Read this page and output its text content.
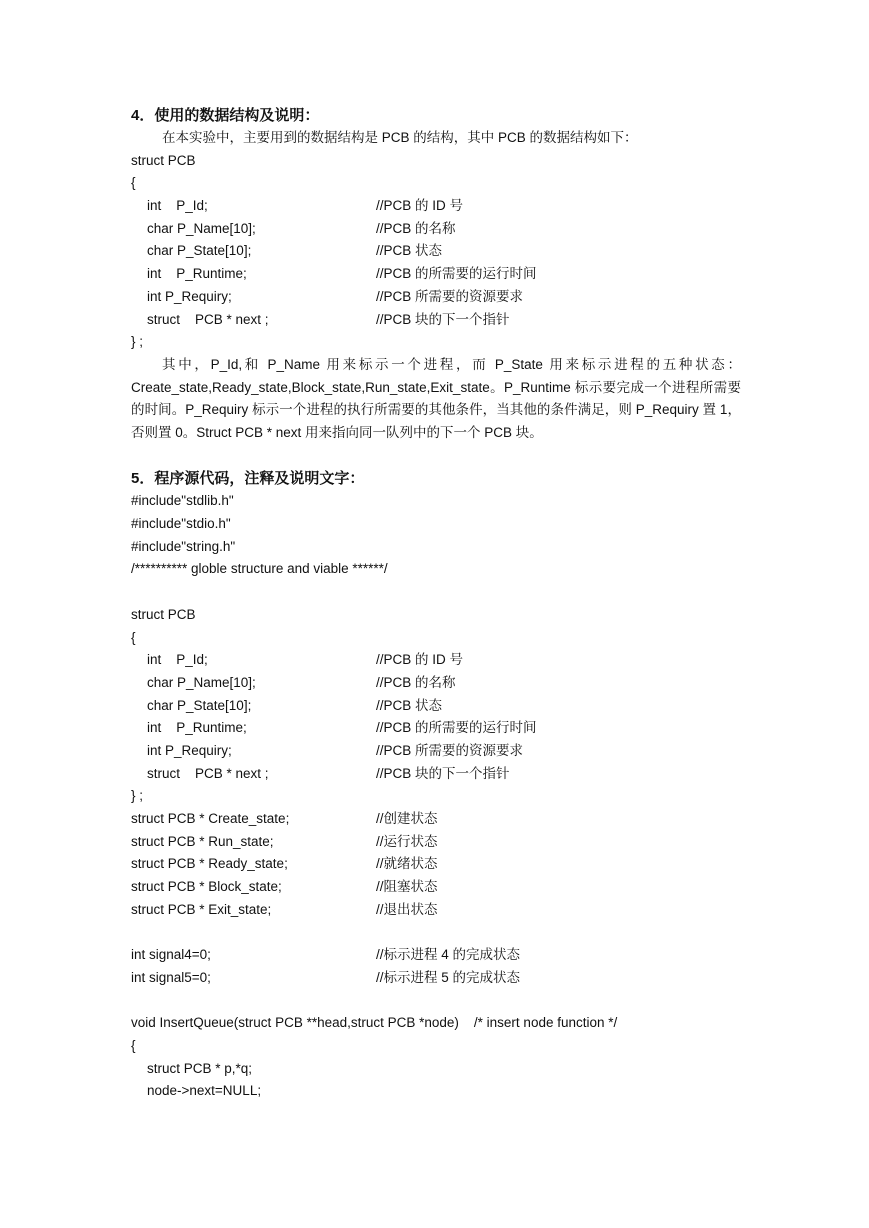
4．使用的数据结构及说明：
在本实验中，主要用到的数据结构是 PCB 的结构，其中 PCB 的数据结构如下：
struct PCB
{
int    P_Id;	//PCB 的 ID 号
char P_Name[10];	//PCB 的名称
char P_State[10];	//PCB 状态
int    P_Runtime;	//PCB 的所需要的运行时间
int P_Requiry;	//PCB 所需要的资源要求
struct    PCB * next ;	//PCB 块的下一个指针
} ;
其中，P_Id,和 P_Name 用来标示一个进程，而 P_State 用来标示进程的五种状态：Create_state,Ready_state,Block_state,Run_state,Exit_state。P_Runtime 标示要完成一个进程所需要的时间。P_Requiry 标示一个进程的执行所需要的其他条件，当其他的条件满足，则 P_Requiry 置 1，否则置 0。Struct PCB * next 用来指向同一队列中的下一个 PCB 块。
5．程序源代码，注释及说明文字：
#include"stdlib.h"
#include"stdio.h"
#include"string.h"
/********** globle structure and viable ******/
struct PCB
{
int    P_Id;	//PCB 的 ID 号
char P_Name[10];	//PCB 的名称
char P_State[10];	//PCB 状态
int    P_Runtime;	//PCB 的所需要的运行时间
int P_Requiry;	//PCB 所需要的资源要求
struct    PCB * next ;	//PCB 块的下一个指针
} ;
struct PCB * Create_state;	//创建状态
struct PCB * Run_state;	//运行状态
struct PCB * Ready_state;	//就绪状态
struct PCB * Block_state;	//阻塞状态
struct PCB * Exit_state;	//退出状态
int signal4=0;	//标示进程 4 的完成状态
int signal5=0;	//标示进程 5 的完成状态
void InsertQueue(struct PCB **head,struct PCB *node)    /* insert node function */
{
struct PCB * p,*q;
node->next=NULL;
